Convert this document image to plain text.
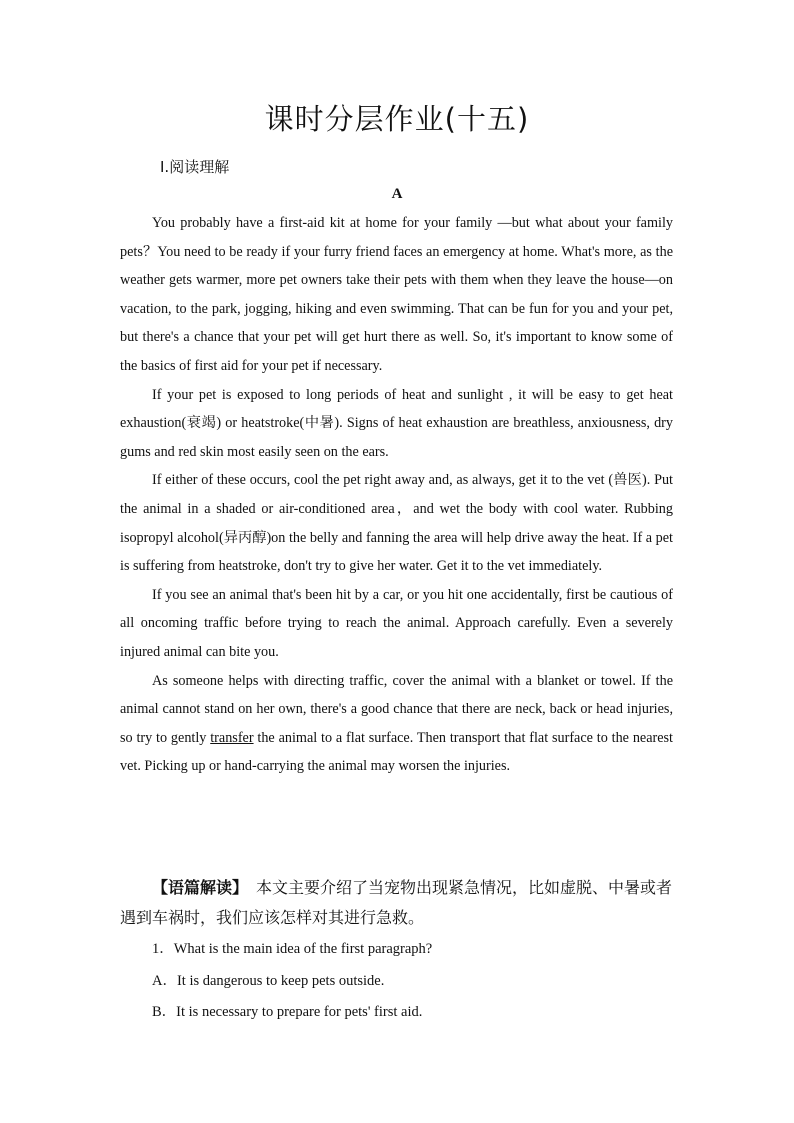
课时分层作业(十五)
Ⅰ.阅读理解
A

You probably have a first-aid kit at home for your family —but what about your family pets？You need to be ready if your furry friend faces an emergency at home. What's more, as the weather gets warmer, more pet owners take their pets with them when they leave the house—on vacation, to the park, jogging, hiking and even swimming. That can be fun for you and your pet, but there's a chance that your pet will get hurt there as well. So, it's important to know some of the basics of first aid for your pet if necessary.

If your pet is exposed to long periods of heat and sunlight , it will be easy to get heat exhaustion(衰竭) or heatstroke(中暑). Signs of heat exhaustion are breathless, anxiousness, dry gums and red skin most easily seen on the ears.

If either of these occurs, cool the pet right away and, as always, get it to the vet (兽医). Put the animal in a shaded or air-conditioned area，and wet the body with cool water. Rubbing isopropyl alcohol(异丙醇)on the belly and fanning the area will help drive away the heat. If a pet is suffering from heatstroke, don't try to give her water. Get it to the vet immediately.

If you see an animal that's been hit by a car, or you hit one accidentally, first be cautious of all oncoming traffic before trying to reach the animal. Approach carefully. Even a severely injured animal can bite you.

As someone helps with directing traffic, cover the animal with a blanket or towel. If the animal cannot stand on her own, there's a good chance that there are neck, back or head injuries, so try to gently transfer the animal to a flat surface. Then transport that flat surface to the nearest vet. Picking up or hand-carrying the animal may worsen the injuries.

【语篇解读】　本文主要介绍了当宠物出现紧急情况，比如虚脱、中暑或者遇到车祸时，我们应该怎样对其进行急救。
1．What is the main idea of the first paragraph?
A．It is dangerous to keep pets outside.
B．It is necessary to prepare for pets' first aid.
